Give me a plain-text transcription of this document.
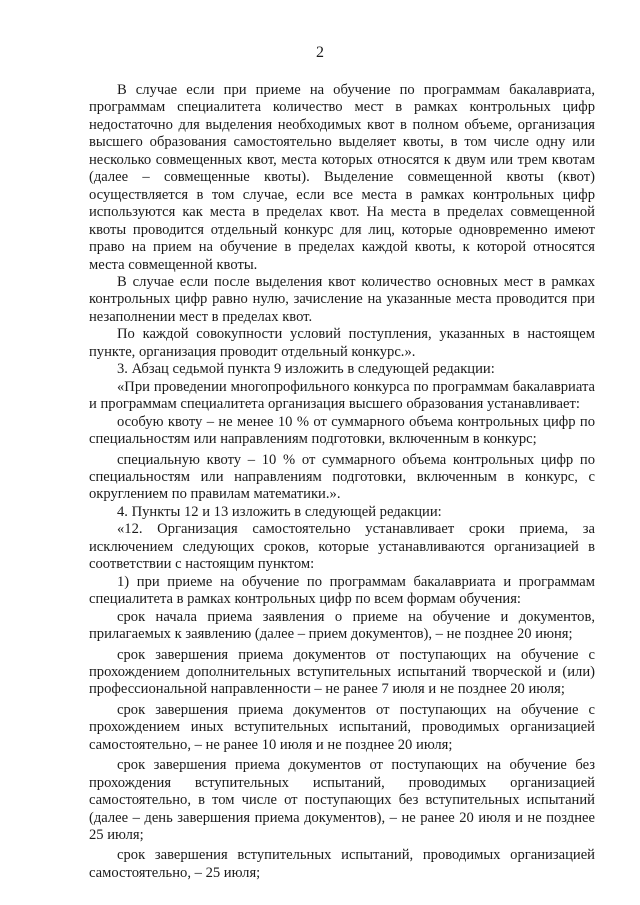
2

В случае если при приеме на обучение по программам бакалавриата, программам специалитета количество мест в рамках контрольных цифр недостаточно для выделения необходимых квот в полном объеме, организация высшего образования самостоятельно выделяет квоты, в том числе одну или несколько совмещенных квот, места которых относятся к двум или трем квотам (далее – совмещенные квоты). Выделение совмещенной квоты (квот) осуществляется в том случае, если все места в рамках контрольных цифр используются как места в пределах квот. На места в пределах совмещенной квоты проводится отдельный конкурс для лиц, которые одновременно имеют право на прием на обучение в пределах каждой квоты, к которой относятся места совмещенной квоты.

В случае если после выделения квот количество основных мест в рамках контрольных цифр равно нулю, зачисление на указанные места проводится при незаполнении мест в пределах квот.

По каждой совокупности условий поступления, указанных в настоящем пункте, организация проводит отдельный конкурс.».

3. Абзац седьмой пункта 9 изложить в следующей редакции:

«При проведении многопрофильного конкурса по программам бакалавриата и программам специалитета организация высшего образования устанавливает:

особую квоту – не менее 10 % от суммарного объема контрольных цифр по специальностям или направлениям подготовки, включенным в конкурс;

специальную квоту – 10 % от суммарного объема контрольных цифр по специальностям или направлениям подготовки, включенным в конкурс, с округлением по правилам математики.».

4. Пункты 12 и 13 изложить в следующей редакции:

«12. Организация самостоятельно устанавливает сроки приема, за исключением следующих сроков, которые устанавливаются организацией в соответствии с настоящим пунктом:

1) при приеме на обучение по программам бакалавриата и программам специалитета в рамках контрольных цифр по всем формам обучения:

срок начала приема заявления о приеме на обучение и документов, прилагаемых к заявлению (далее – прием документов), – не позднее 20 июня;

срок завершения приема документов от поступающих на обучение с прохождением дополнительных вступительных испытаний творческой и (или) профессиональной направленности – не ранее 7 июля и не позднее 20 июля;

срок завершения приема документов от поступающих на обучение с прохождением иных вступительных испытаний, проводимых организацией самостоятельно, – не ранее 10 июля и не позднее 20 июля;

срок завершения приема документов от поступающих на обучение без прохождения вступительных испытаний, проводимых организацией самостоятельно, в том числе от поступающих без вступительных испытаний (далее – день завершения приема документов), – не ранее 20 июля и не позднее 25 июля;

срок завершения вступительных испытаний, проводимых организацией самостоятельно, – 25 июля;
